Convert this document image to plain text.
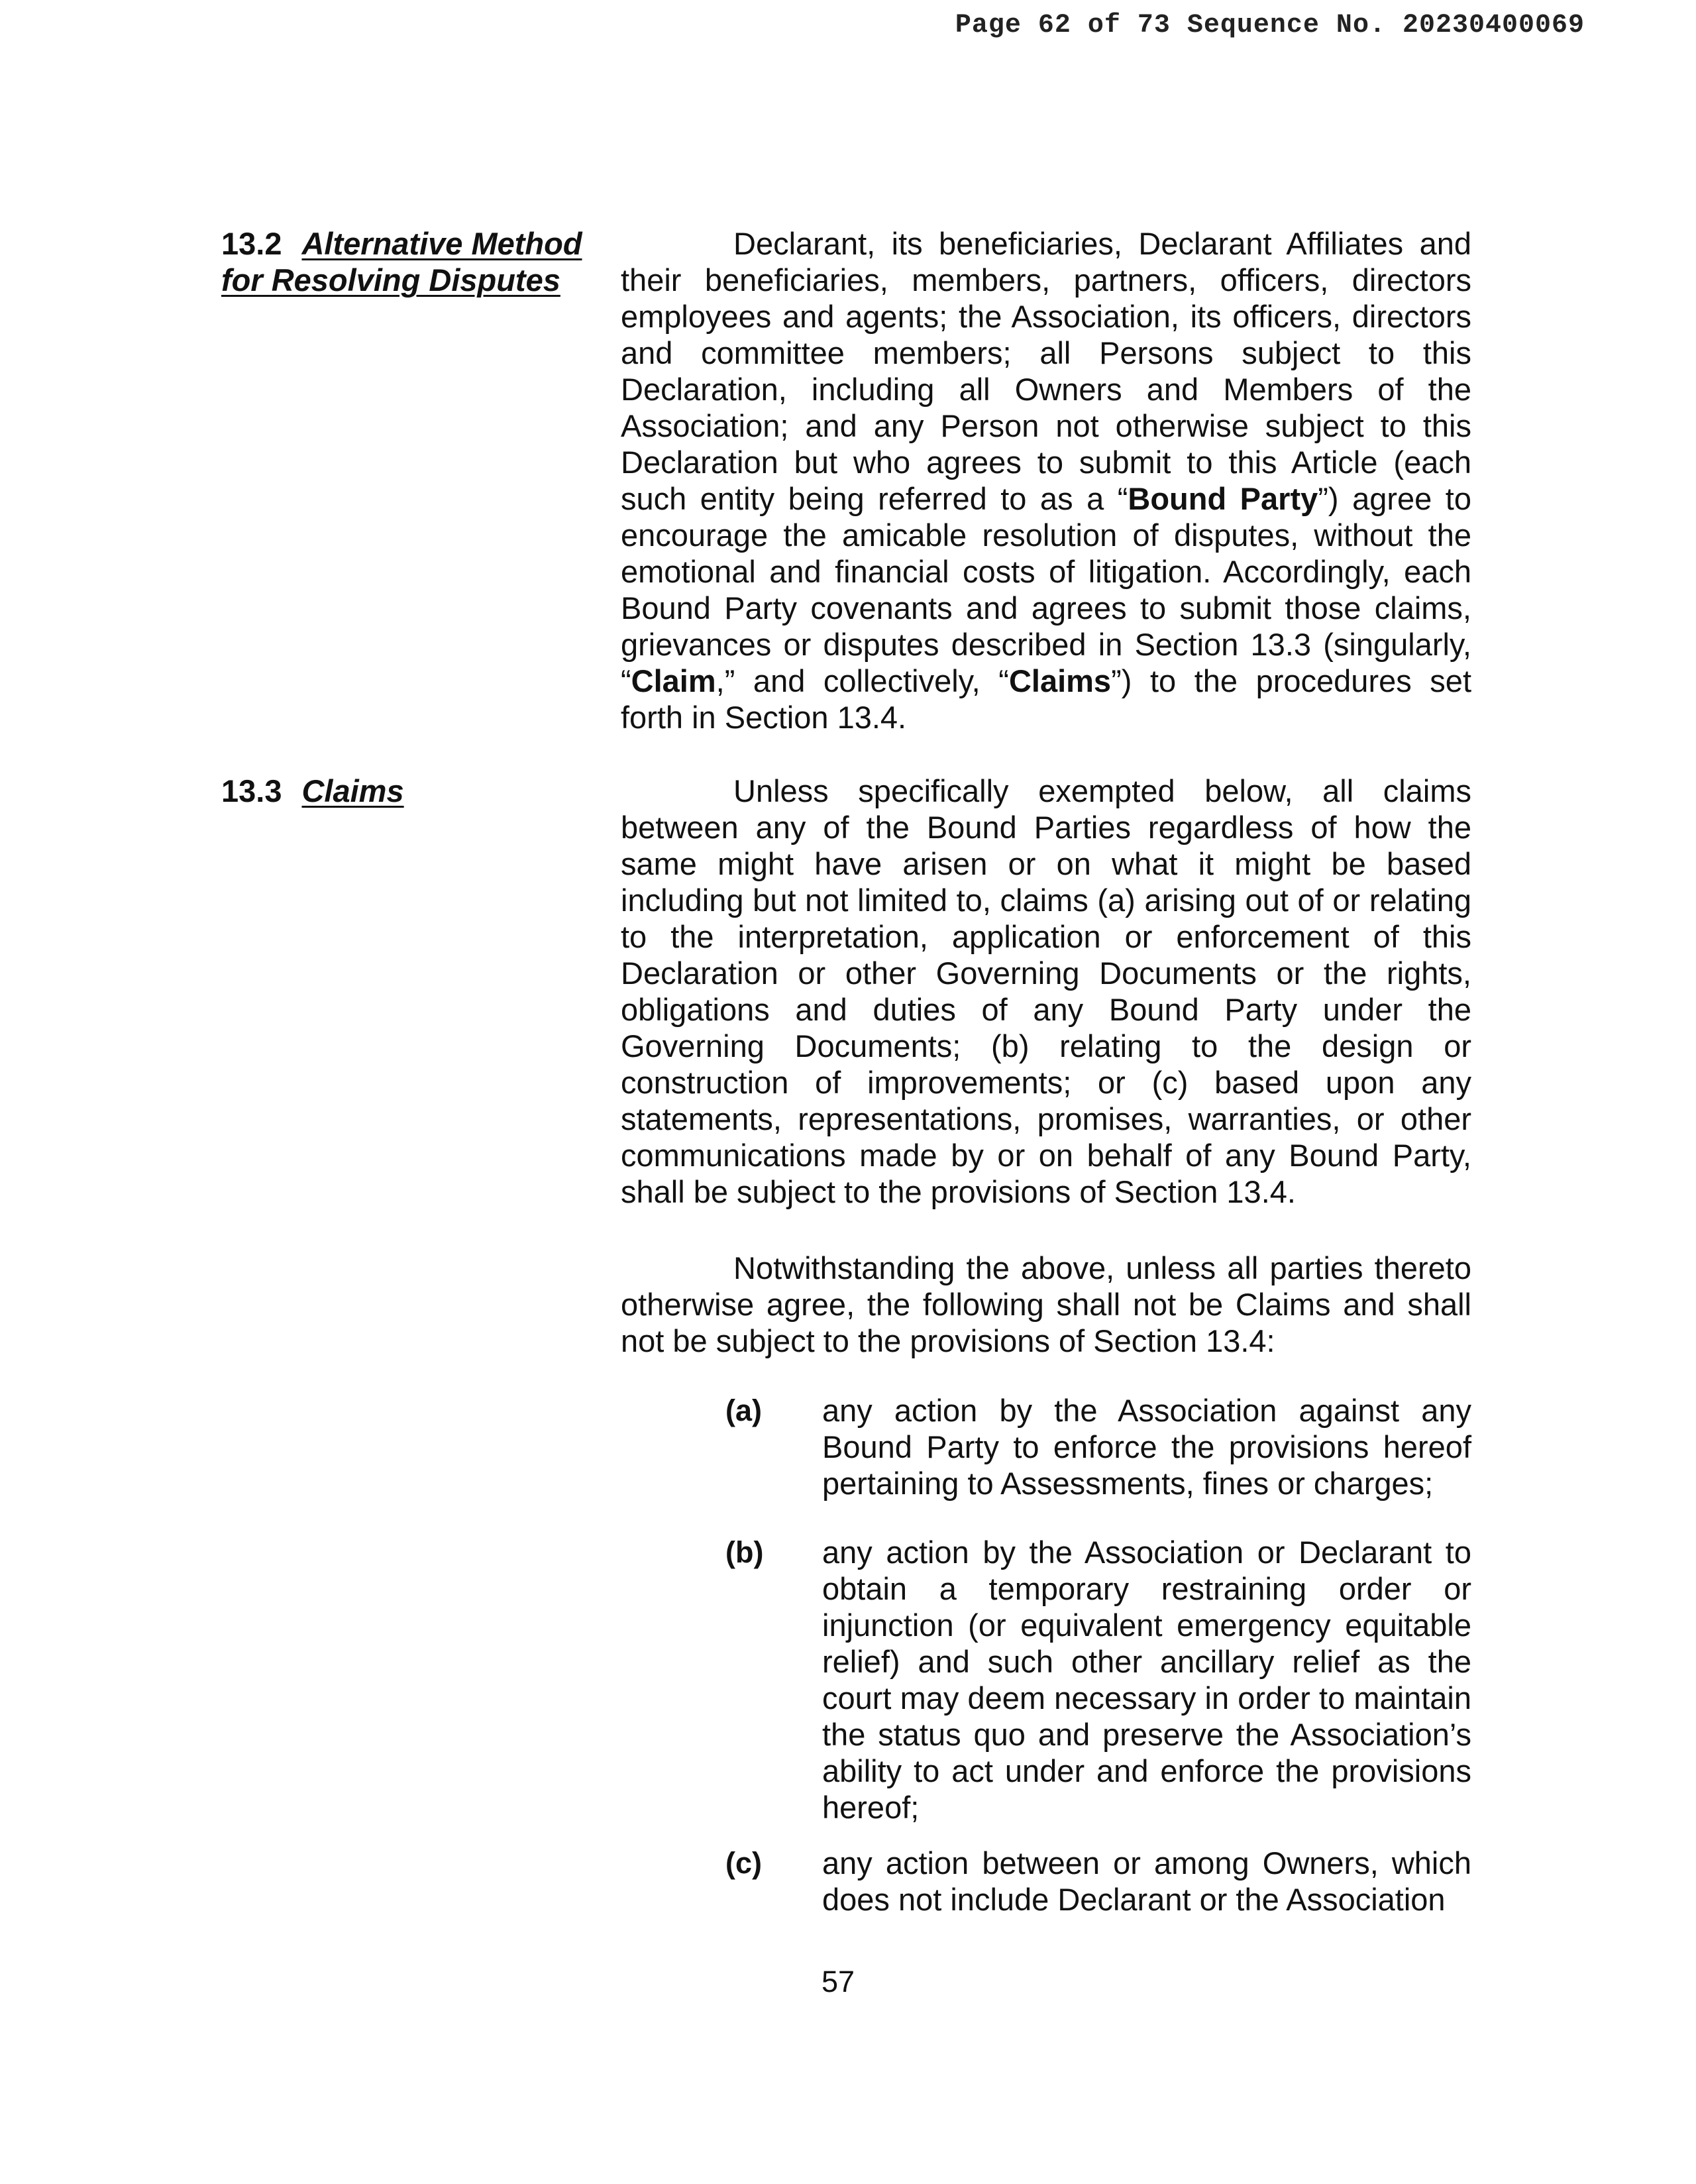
Page 62 of 73 Sequence No. 20230400069
13.2 Alternative Method for Resolving Disputes

Declarant, its beneficiaries, Declarant Affiliates and their beneficiaries, members, partners, officers, directors employees and agents; the Association, its officers, directors and committee members; all Persons subject to this Declaration, including all Owners and Members of the Association; and any Person not otherwise subject to this Declaration but who agrees to submit to this Article (each such entity being referred to as a “Bound Party”) agree to encourage the amicable resolution of disputes, without the emotional and financial costs of litigation. Accordingly, each Bound Party covenants and agrees to submit those claims, grievances or disputes described in Section 13.3 (singularly, “Claim,” and collectively, “Claims”) to the procedures set forth in Section 13.4.

13.3 Claims	Unless specifically exempted below, all claims between any of the Bound Parties regardless of how the same might have arisen or on what it might be based including but not limited to, claims (a) arising out of or relating to the interpretation, application or enforcement of this Declaration or other Governing Documents or the rights, obligations and duties of any Bound Party under the Governing Documents; (b) relating to the design or construction of improvements; or (c) based upon any statements, representations, promises, warranties, or other communications made by or on behalf of any Bound Party, shall be subject to the provisions of Section 13.4.

Notwithstanding the above, unless all parties thereto otherwise agree, the following shall not be Claims and shall not be subject to the provisions of Section 13.4:

(a) any action by the Association against any Bound Party to enforce the provisions hereof pertaining to Assessments, fines or charges;
(b) any action by the Association or Declarant to obtain a temporary restraining order or injunction (or equivalent emergency equitable relief) and such other ancillary relief as the court may deem necessary in order to maintain the status quo and preserve the Association’s ability to act under and enforce the provisions hereof;
(c) any action between or among Owners, which does not include Declarant or the Association
57
